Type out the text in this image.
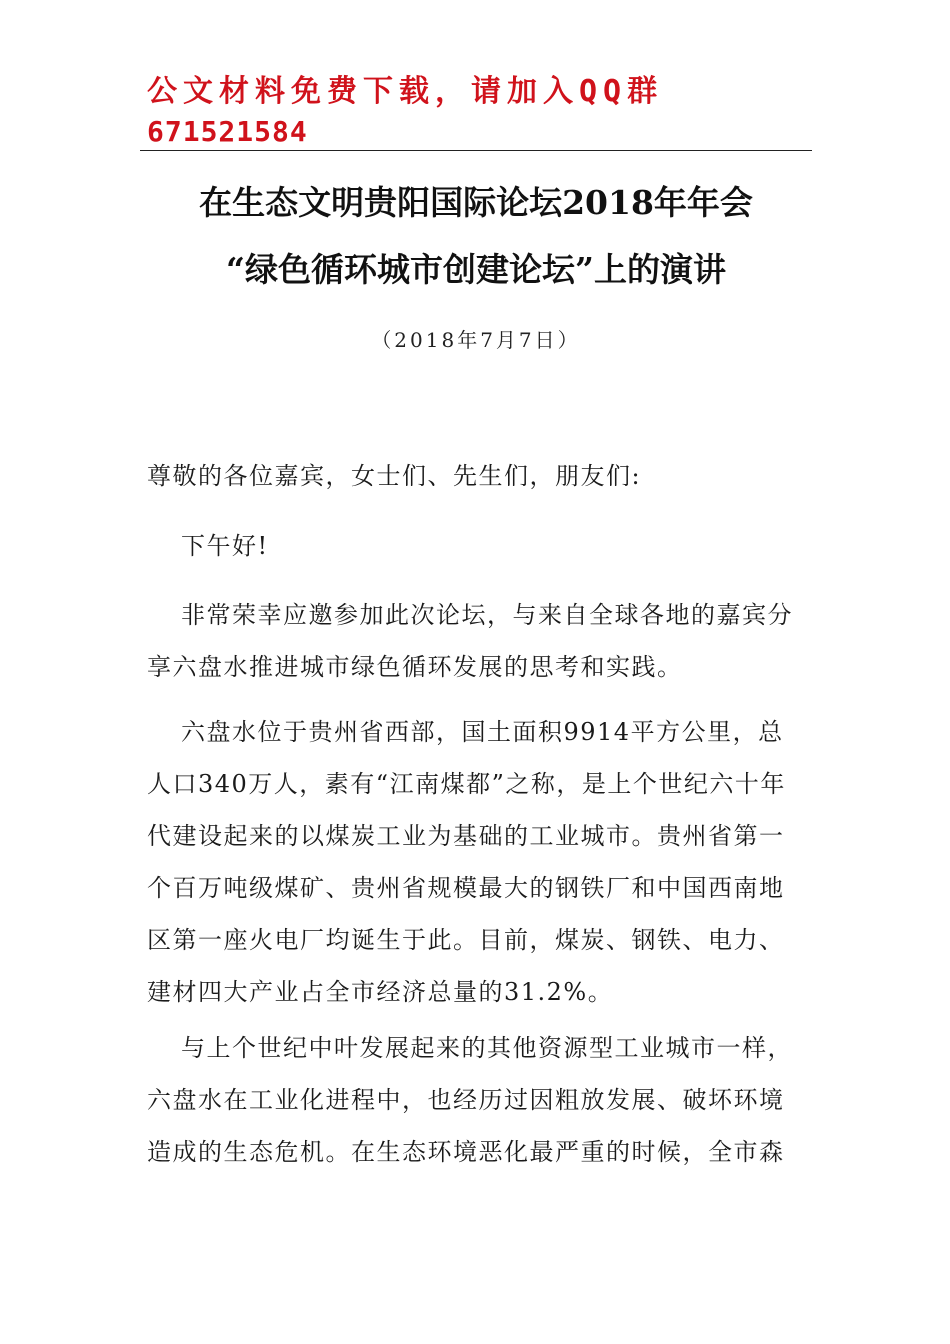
公文材料免费下载，请加入QQ群
671521584
在生态文明贵阳国际论坛2018年年会
“绿色循环城市创建论坛”上的演讲
（2018年7月7日）
尊敬的各位嘉宾，女士们、先生们，朋友们:
下午好!
非常荣幸应邀参加此次论坛，与来自全球各地的嘉宾分享六盘水推进城市绿色循环发展的思考和实践。
六盘水位于贵州省西部，国土面积9914平方公里，总人口340万人，素有“江南煤都”之称，是上个世纪六十年代建设起来的以煤炭工业为基础的工业城市。贵州省第一个百万吨级煤矿、贵州省规模最大的钢铁厂和中国西南地区第一座火电厂均诞生于此。目前，煤炭、钢铁、电力、建材四大产业占全市经济总量的31.2%。
与上个世纪中叶发展起来的其他资源型工业城市一样，六盘水在工业化进程中，也经历过因粗放发展、破坏环境造成的生态危机。在生态环境恶化最严重的时候，全市森
